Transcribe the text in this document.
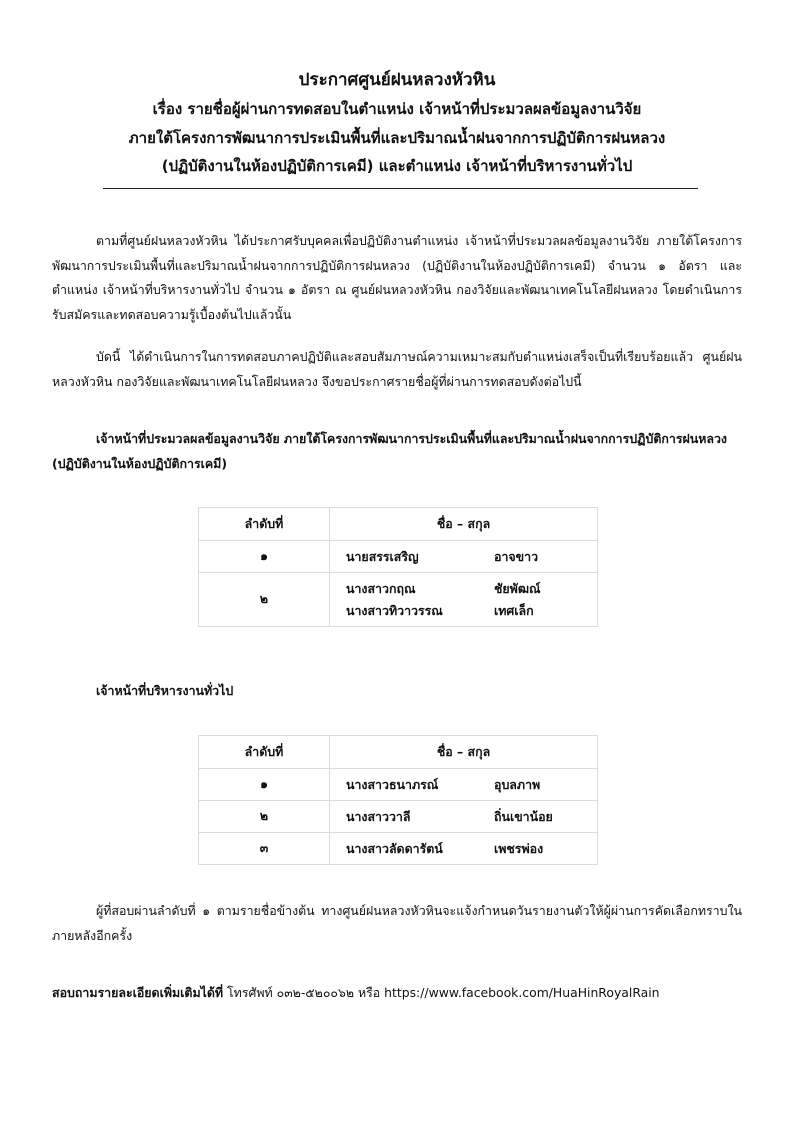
ประกาศศูนย์ฝนหลวงหัวหิน
เรื่อง รายชื่อผู้ผ่านการทดสอบในตำแหน่ง เจ้าหน้าที่ประมวลผลข้อมูลงานวิจัย
ภายใต้โครงการพัฒนาการประเมินพื้นที่และปริมาณน้ำฝนจากการปฏิบัติการฝนหลวง
(ปฏิบัติงานในห้องปฏิบัติการเคมี) และตำแหน่ง เจ้าหน้าที่บริหารงานทั่วไป
ตามที่ศูนย์ฝนหลวงหัวหิน ได้ประกาศรับบุคคลเพื่อปฏิบัติงานตำแหน่ง เจ้าหน้าที่ประมวลผลข้อมูลงานวิจัย ภายใต้โครงการพัฒนาการประเมินพื้นที่และปริมาณน้ำฝนจากการปฏิบัติการฝนหลวง (ปฏิบัติงานในห้องปฏิบัติการเคมี) จำนวน ๑ อัตรา และตำแหน่ง เจ้าหน้าที่บริหารงานทั่วไป จำนวน ๑ อัตรา ณ ศูนย์ฝนหลวงหัวหิน กองวิจัยและพัฒนาเทคโนโลยีฝนหลวง โดยดำเนินการรับสมัครและทดสอบความรู้เบื้องต้นไปแล้วนั้น
บัดนี้ ได้ดำเนินการในการทดสอบภาคปฏิบัติและสอบสัมภาษณ์ความเหมาะสมกับตำแหน่งเสร็จเป็นที่เรียบร้อยแล้ว ศูนย์ฝนหลวงหัวหิน กองวิจัยและพัฒนาเทคโนโลยีฝนหลวง จึงขอประกาศรายชื่อผู้ที่ผ่านการทดสอบดังต่อไปนี้
เจ้าหน้าที่ประมวลผลข้อมูลงานวิจัย ภายใต้โครงการพัฒนาการประเมินพื้นที่และปริมาณน้ำฝนจากการปฏิบัติการฝนหลวง (ปฏิบัติงานในห้องปฏิบัติการเคมี)
ลำดับที่	ชื่อ – สกุล
๑	นายสรรเสริญ อาจขาว

๒	นางสาวกฤณ ชัยพัฒณ์
นางสาวทิวาวรรณ เทศเล็ก
เจ้าหน้าที่บริหารงานทั่วไป
ลำดับที่	ชื่อ – สกุล
๑	นางสาวธนาภรณ์ อุบลภาพ

๒	นางสาววาลี ถิ่นเขาน้อย

๓	นางสาวลัดดารัตน์ เพชรพ่อง
ผู้ที่สอบผ่านลำดับที่ ๑ ตามรายชื่อข้างต้น ทางศูนย์ฝนหลวงหัวหินจะแจ้งกำหนดวันรายงานตัวให้ผู้ผ่านการคัดเลือกทราบในภายหลังอีกครั้ง
สอบถามรายละเอียดเพิ่มเติมได้ที่ โทรศัพท์ ๐๓๒-๕๒๐๐๖๒ หรือ https://www.facebook.com/HuaHinRoyalRain
